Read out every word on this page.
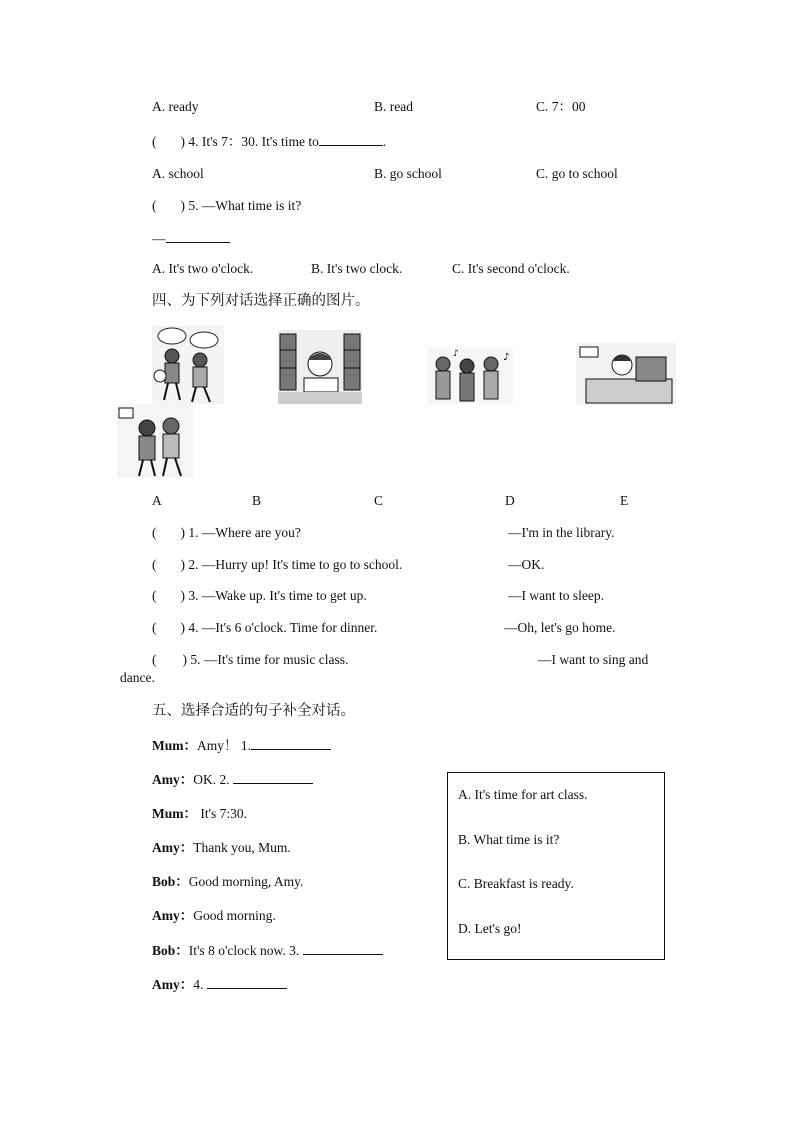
A. ready	B. read	C. 7：00
( ) 4. It's 7：30. It's time to	.
A. school	B. go school	C. go to school
( ) 5. —What time is it?
—
A. It's two o'clock.	B. It's two clock.	C. It's second o'clock.
四、为下列对话选择正确的图片。
♪
♪
A	B	C	D	E
( ) 1. —Where are you?	—I'm in the library.
( ) 2. —Hurry up! It's time to go to school.	—OK.
( ) 3. —Wake up. It's time to get up.	—I want to sleep.
( ) 4. —It's 6 o'clock. Time for dinner.	—Oh, let's go home.
( ) 5. —It's time for music class.	—I want to sing and
dance.
五、选择合适的句子补全对话。
Mum：Amy！ 1.
Amy：OK. 2.
Mum： It's 7:30.
Amy：Thank you, Mum.
Bob：Good morning, Amy.
Amy：Good morning.
Bob：It's 8 o'clock now. 3.
Amy：4.
A. It's time for art class.
B. What time is it?
C. Breakfast is ready.
D. Let's go!
